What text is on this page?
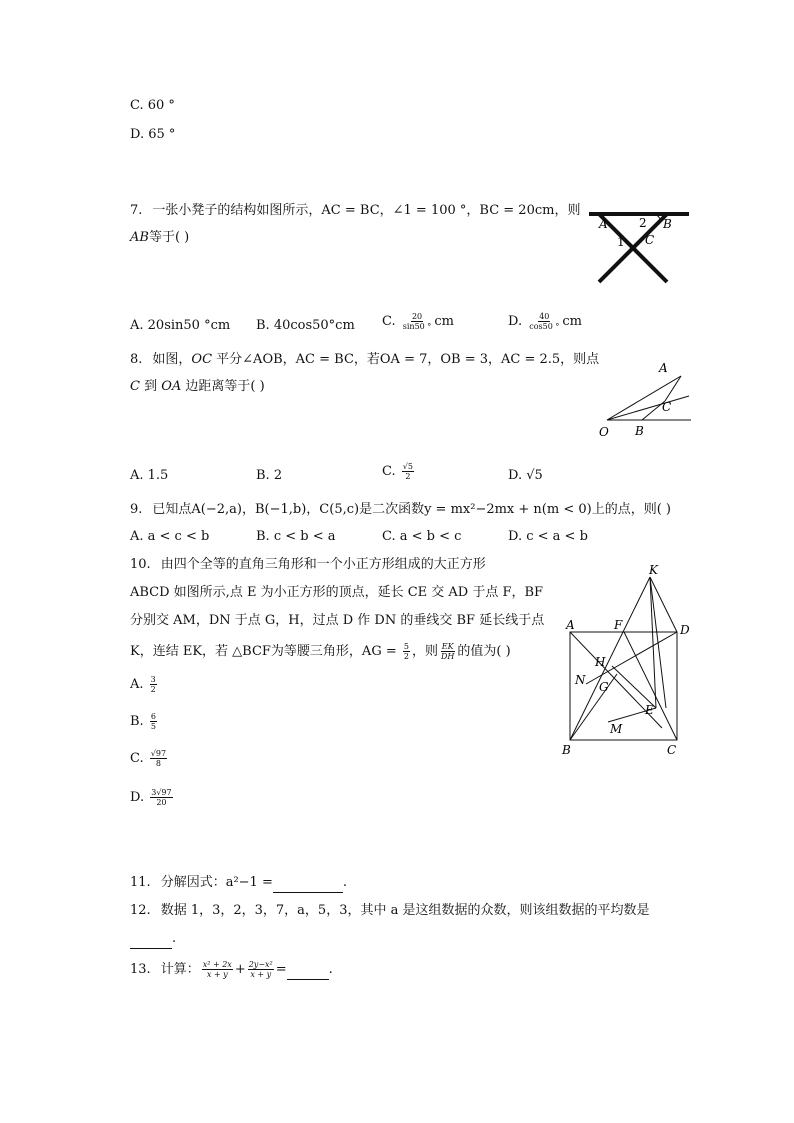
C. 60 °
D. 65 °
7. 一张小凳子的结构如图所示，AC = BC，∠1 = 100 °，BC = 20cm，则
AB等于( )
A	B
C
1
2
A. 20sin50 °cm B. 40cos50°cm C. $\frac{20}{\sin 50 ^\circ}$ cm	D. $\frac{40}{\cos 50 ^\circ}$ cm
8. 如图，OC 平分∠AOB，AC = BC，若OA = 7，OB = 3，AC = 2.5，则点
C 到 OA 边距离等于( )
O
A
B
C
A. 1.5	B. 2	C. $\frac{√5}{2}$	D. √5
9. 已知点A(−2,a)，B(−1,b)，C(5,c)是二次函数y = mx²−2mx + n(m < 0)上的点，则( )
A. a < c < b	B. c < b < a	C. a < b < c	D. c < a < b
10. 由四个全等的直角三角形和一个小正方形组成的大正方形
ABCD 如图所示,点 E 为小正方形的顶点，延长 CE 交 AD 于点 F，BF
分别交 AM，DN 于点 G，H，过点 D 作 DN 的垂线交 BF 延长线于点
K，连结 EK，若 △BCF为等腰三角形，AG = $\frac{5}{2}$ ，则 $\frac{EK}{DH}$ 的值为( )
A. $\frac{3}{2}$
B. $\frac{6}{5}$
C. $\frac{√97}{8}$
D. $\frac{3√97}{20}$
K
A	F	D
H
N G
E
M
B	C
11. 分解因式：a²−1 =	.
12. 数据 1，3，2，3，7，a，5，3，其中 a 是这组数据的众数，则该组数据的平均数是
.
13. 计算： $\frac{\text{x² + 2x}}{x + y} + \frac{\text{2y−x²}}{x + y}$ =	.
